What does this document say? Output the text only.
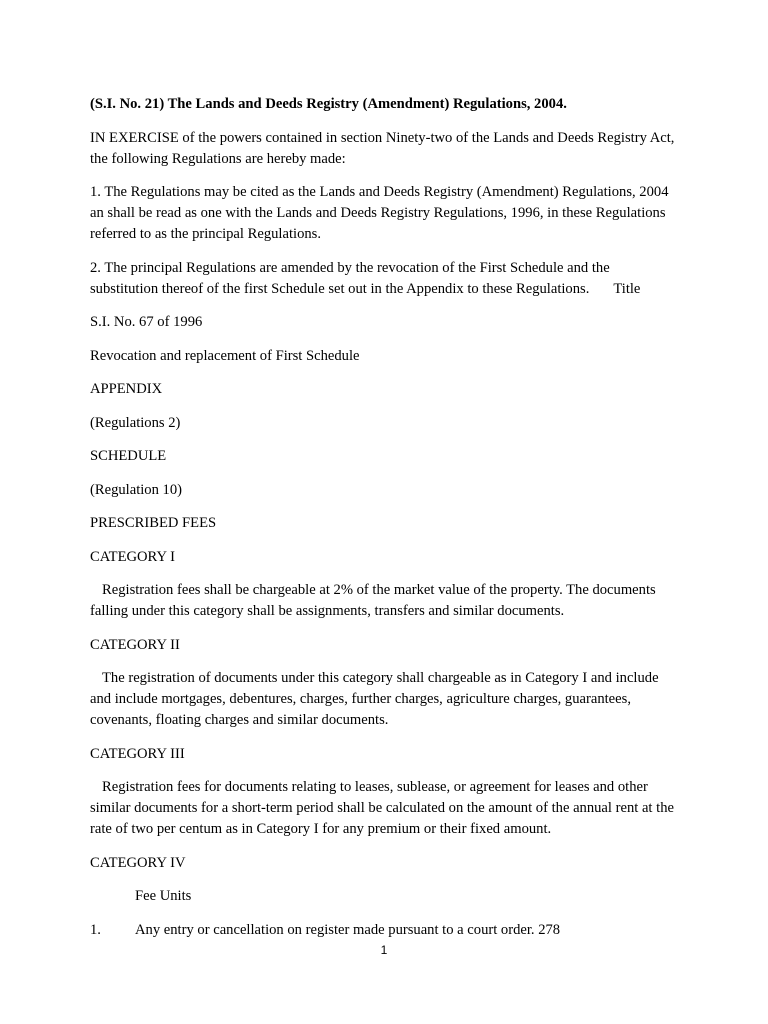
(S.I. No. 21) The Lands and Deeds Registry (Amendment) Regulations, 2004.

IN EXERCISE of the powers contained in section Ninety-two of the Lands and Deeds Registry Act, the following Regulations are hereby made:

1. The Regulations may be cited as the Lands and Deeds Registry (Amendment) Regulations, 2004 an shall be read as one with the Lands and Deeds Registry Regulations, 1996, in these Regulations referred to as the principal Regulations.

2. The principal Regulations are amended by the revocation of the First Schedule and the substitution thereof of the first Schedule set out in the Appendix to these Regulations. Title

S.I. No. 67 of 1996

Revocation and replacement of First Schedule

APPENDIX

(Regulations 2)

SCHEDULE

(Regulation 10)

PRESCRIBED FEES

CATEGORY I

Registration fees shall be chargeable at 2% of the market value of the property. The documents falling under this category shall be assignments, transfers and similar documents.

CATEGORY II

The registration of documents under this category shall chargeable as in Category I and include and include mortgages, debentures, charges, further charges, agriculture charges, guarantees, covenants, floating charges and similar documents.

CATEGORY III

Registration fees for documents relating to leases, sublease, or agreement for leases and other similar documents for a short-term period shall be calculated on the amount of the annual rent at the rate of two per centum as in Category I for any premium or their fixed amount.

CATEGORY IV

Fee Units

1.	Any entry or cancellation on register made pursuant to a court order. 278
1
